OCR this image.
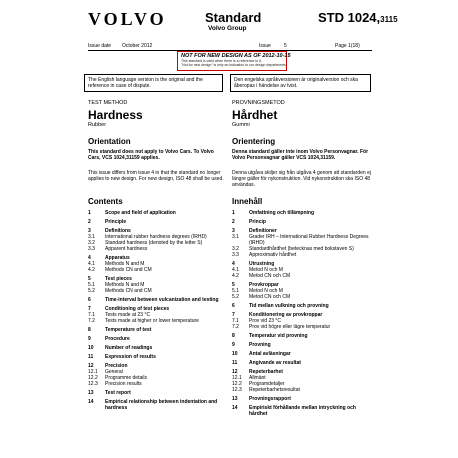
VOLVO	Standard
Volvo Group
STD 1024,3115
Issue date October 2012	Issue	5	Page 1(18)
NOT FOR NEW DESIGN AS OF 2012-10-15
This standard is valid when there is a reference to it.
"Not for new design" is only an indication to our design departments.
The English language version is the original and the reference in case of dispute.
Den engelska språkversionen är originalversion och ska åberopas i händelse av tvist.
TEST METHOD
Hardness
Rubber
Orientation
This standard does not apply to Volvo Cars. To Volvo Cars, VCS 1024,31159 applies.
This issue differs from issue 4 in that the standard no longer applies to new design. For new design, ISO 48 shall be used.
Contents
1	Scope and field of application
2	Principle
3	Definitions
3.1	International rubber hardness degrees (IRHD)
3.2	Standard hardness (denoted by the letter S)
3.3	Apparent hardness
4	Apparatus
4.1	Methods N and M
4.2	Methods CN and CM
5	Test pieces
5.1	Methods N and M
5.2	Methods CN and CM
6	Time-interval between vulcanization and testing
7	Conditioning of test pieces
7.1	Tests made at 23 °C
7.2	Tests made at higher or lower temperature
8	Temperature of test
9	Procedure
10	Number of readings
11	Expression of results
12	Precision
12.1	General
12.2	Programme details
12.3	Precision results
13	Test report
14	Empirical relationship between indentation and hardness
PROVNINGSMETOD
Hårdhet
Gummi
Orientering
Denna standard gäller inte inom Volvo Personvagnar. För Volvo Personvagnar gäller VCS 1024,31159.
Denna utgåva skiljer sig från utgåva 4 genom att standarden ej längre gäller för nykonstruktion. Vid nykonstruktion ska ISO 48 användas.
Innehåll
1	Omfattning och tillämpning
2	Princip
3	Definitioner
3.1	Grader IRH – International Rubber Hardness Degrees (IRHD)
3.2	Standardhårdhet (betecknas med bokstaven S)
3.3	Approximativ hårdhet
4	Utrustning
4.1	Metod N och M
4.2	Metod CN och CM
5	Provkroppar
5.1	Metod N och M
5.2	Metod CN och CM
6	Tid mellan vulkning och provning
7	Konditionering av provkroppar
7.1	Prov vid 23 °C
7.2	Prov vid högre eller lägre temperatur
8	Temperatur vid provning
9	Provning
10	Antal avläsningar
11	Angivande av resultat
12	Repeterbarhet
12.1	Allmänt
12.2	Programdetaljer
12.3	Repeterbarhetsresultat
13	Provningsrapport
14	Empiriskt förhållande mellan intryckning och hårdhet
